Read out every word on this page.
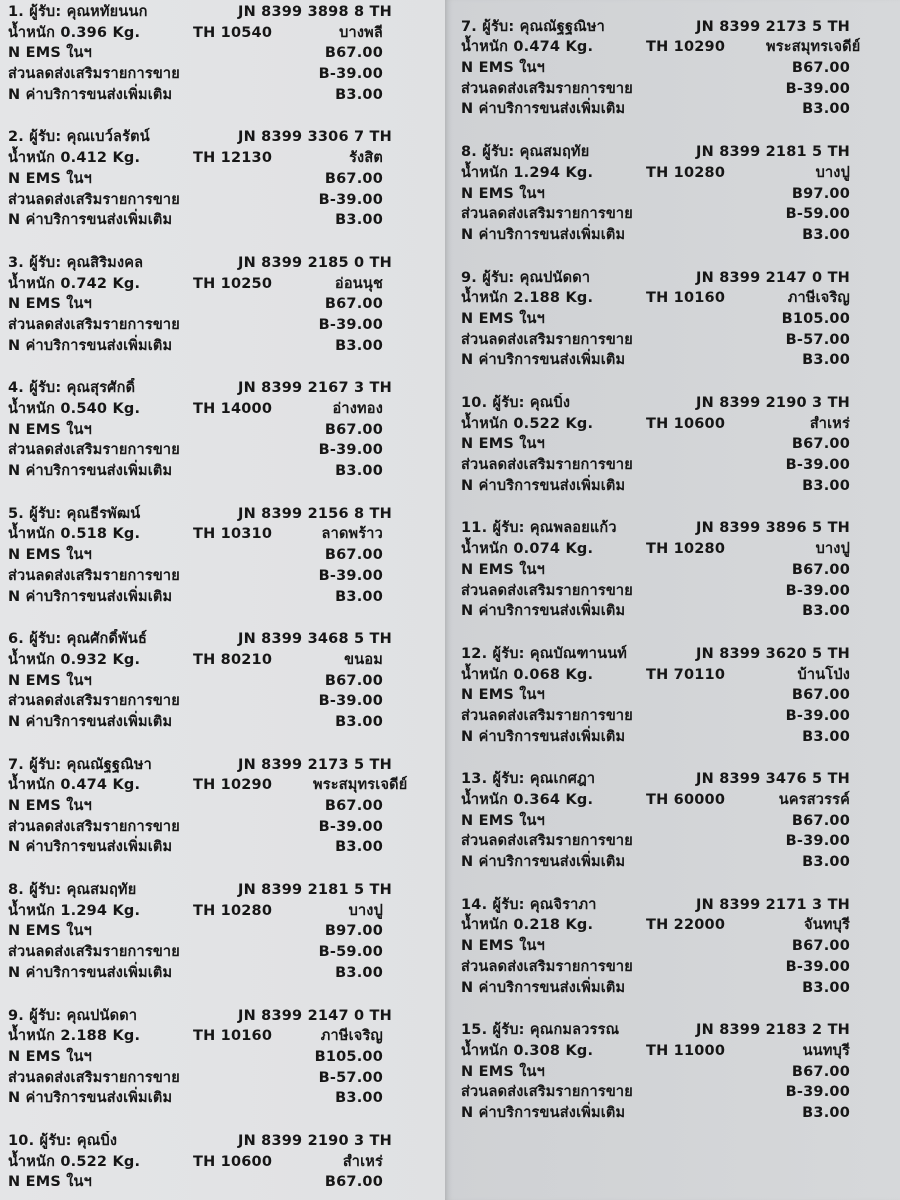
1. ผู้รับ: คุณหทัยนนก	JN 8399 3898 8 TH
น้ำหนัก 0.396 Kg.	TH 10540	บางพลี
N EMS ในฯ	B67.00
ส่วนลดส่งเสริมรายการขาย	B-39.00
N ค่าบริการขนส่งเพิ่มเติม	B3.00
2. ผู้รับ: คุณเบว์ลรัตน์	JN 8399 3306 7 TH
น้ำหนัก 0.412 Kg.	TH 12130	รังสิต
N EMS ในฯ	B67.00
ส่วนลดส่งเสริมรายการขาย	B-39.00
N ค่าบริการขนส่งเพิ่มเติม	B3.00
3. ผู้รับ: คุณสิริมงคล	JN 8399 2185 0 TH
น้ำหนัก 0.742 Kg.	TH 10250	อ่อนนุช
N EMS ในฯ	B67.00
ส่วนลดส่งเสริมรายการขาย	B-39.00
N ค่าบริการขนส่งเพิ่มเติม	B3.00
4. ผู้รับ: คุณสุรศักดิ์	JN 8399 2167 3 TH
น้ำหนัก 0.540 Kg.	TH 14000	อ่างทอง
N EMS ในฯ	B67.00
ส่วนลดส่งเสริมรายการขาย	B-39.00
N ค่าบริการขนส่งเพิ่มเติม	B3.00
5. ผู้รับ: คุณธีรพัฒน์	JN 8399 2156 8 TH
น้ำหนัก 0.518 Kg.	TH 10310	ลาดพร้าว
N EMS ในฯ	B67.00
ส่วนลดส่งเสริมรายการขาย	B-39.00
N ค่าบริการขนส่งเพิ่มเติม	B3.00
6. ผู้รับ: คุณศักดิ์พันธ์	JN 8399 3468 5 TH
น้ำหนัก 0.932 Kg.	TH 80210	ขนอม
N EMS ในฯ	B67.00
ส่วนลดส่งเสริมรายการขาย	B-39.00
N ค่าบริการขนส่งเพิ่มเติม	B3.00
7. ผู้รับ: คุณณัฐฐณิษา	JN 8399 2173 5 TH
น้ำหนัก 0.474 Kg.	TH 10290	พระสมุทรเจดีย์
N EMS ในฯ	B67.00
ส่วนลดส่งเสริมรายการขาย	B-39.00
N ค่าบริการขนส่งเพิ่มเติม	B3.00
8. ผู้รับ: คุณสมฤทัย	JN 8399 2181 5 TH
น้ำหนัก 1.294 Kg.	TH 10280	บางปู
N EMS ในฯ	B97.00
ส่วนลดส่งเสริมรายการขาย	B-59.00
N ค่าบริการขนส่งเพิ่มเติม	B3.00
9. ผู้รับ: คุณปนัดดา	JN 8399 2147 0 TH
น้ำหนัก 2.188 Kg.	TH 10160	ภาษีเจริญ
N EMS ในฯ	B105.00
ส่วนลดส่งเสริมรายการขาย	B-57.00
N ค่าบริการขนส่งเพิ่มเติม	B3.00
10. ผู้รับ: คุณบิ๋ง	JN 8399 2190 3 TH
น้ำหนัก 0.522 Kg.	TH 10600	สำเหร่
N EMS ในฯ	B67.00
7. ผู้รับ: คุณณัฐฐณิษา	JN 8399 2173 5 TH
น้ำหนัก 0.474 Kg.	TH 10290	พระสมุทรเจดีย์
N EMS ในฯ	B67.00
ส่วนลดส่งเสริมรายการขาย	B-39.00
N ค่าบริการขนส่งเพิ่มเติม	B3.00
8. ผู้รับ: คุณสมฤทัย	JN 8399 2181 5 TH
น้ำหนัก 1.294 Kg.	TH 10280	บางปู
N EMS ในฯ	B97.00
ส่วนลดส่งเสริมรายการขาย	B-59.00
N ค่าบริการขนส่งเพิ่มเติม	B3.00
9. ผู้รับ: คุณปนัดดา	JN 8399 2147 0 TH
น้ำหนัก 2.188 Kg.	TH 10160	ภาษีเจริญ
N EMS ในฯ	B105.00
ส่วนลดส่งเสริมรายการขาย	B-57.00
N ค่าบริการขนส่งเพิ่มเติม	B3.00
10. ผู้รับ: คุณบิ๋ง	JN 8399 2190 3 TH
น้ำหนัก 0.522 Kg.	TH 10600	สำเหร่
N EMS ในฯ	B67.00
ส่วนลดส่งเสริมรายการขาย	B-39.00
N ค่าบริการขนส่งเพิ่มเติม	B3.00
11. ผู้รับ: คุณพลอยแก้ว	JN 8399 3896 5 TH
น้ำหนัก 0.074 Kg.	TH 10280	บางปู
N EMS ในฯ	B67.00
ส่วนลดส่งเสริมรายการขาย	B-39.00
N ค่าบริการขนส่งเพิ่มเติม	B3.00
12. ผู้รับ: คุณบัณฑานนท์	JN 8399 3620 5 TH
น้ำหนัก 0.068 Kg.	TH 70110	บ้านโป่ง
N EMS ในฯ	B67.00
ส่วนลดส่งเสริมรายการขาย	B-39.00
N ค่าบริการขนส่งเพิ่มเติม	B3.00
13. ผู้รับ: คุณเกศฎา	JN 8399 3476 5 TH
น้ำหนัก 0.364 Kg.	TH 60000	นครสวรรค์
N EMS ในฯ	B67.00
ส่วนลดส่งเสริมรายการขาย	B-39.00
N ค่าบริการขนส่งเพิ่มเติม	B3.00
14. ผู้รับ: คุณจิราภา	JN 8399 2171 3 TH
น้ำหนัก 0.218 Kg.	TH 22000	จันทบุรี
N EMS ในฯ	B67.00
ส่วนลดส่งเสริมรายการขาย	B-39.00
N ค่าบริการขนส่งเพิ่มเติม	B3.00
15. ผู้รับ: คุณกมลวรรณ	JN 8399 2183 2 TH
น้ำหนัก 0.308 Kg.	TH 11000	นนทบุรี
N EMS ในฯ	B67.00
ส่วนลดส่งเสริมรายการขาย	B-39.00
N ค่าบริการขนส่งเพิ่มเติม	B3.00
